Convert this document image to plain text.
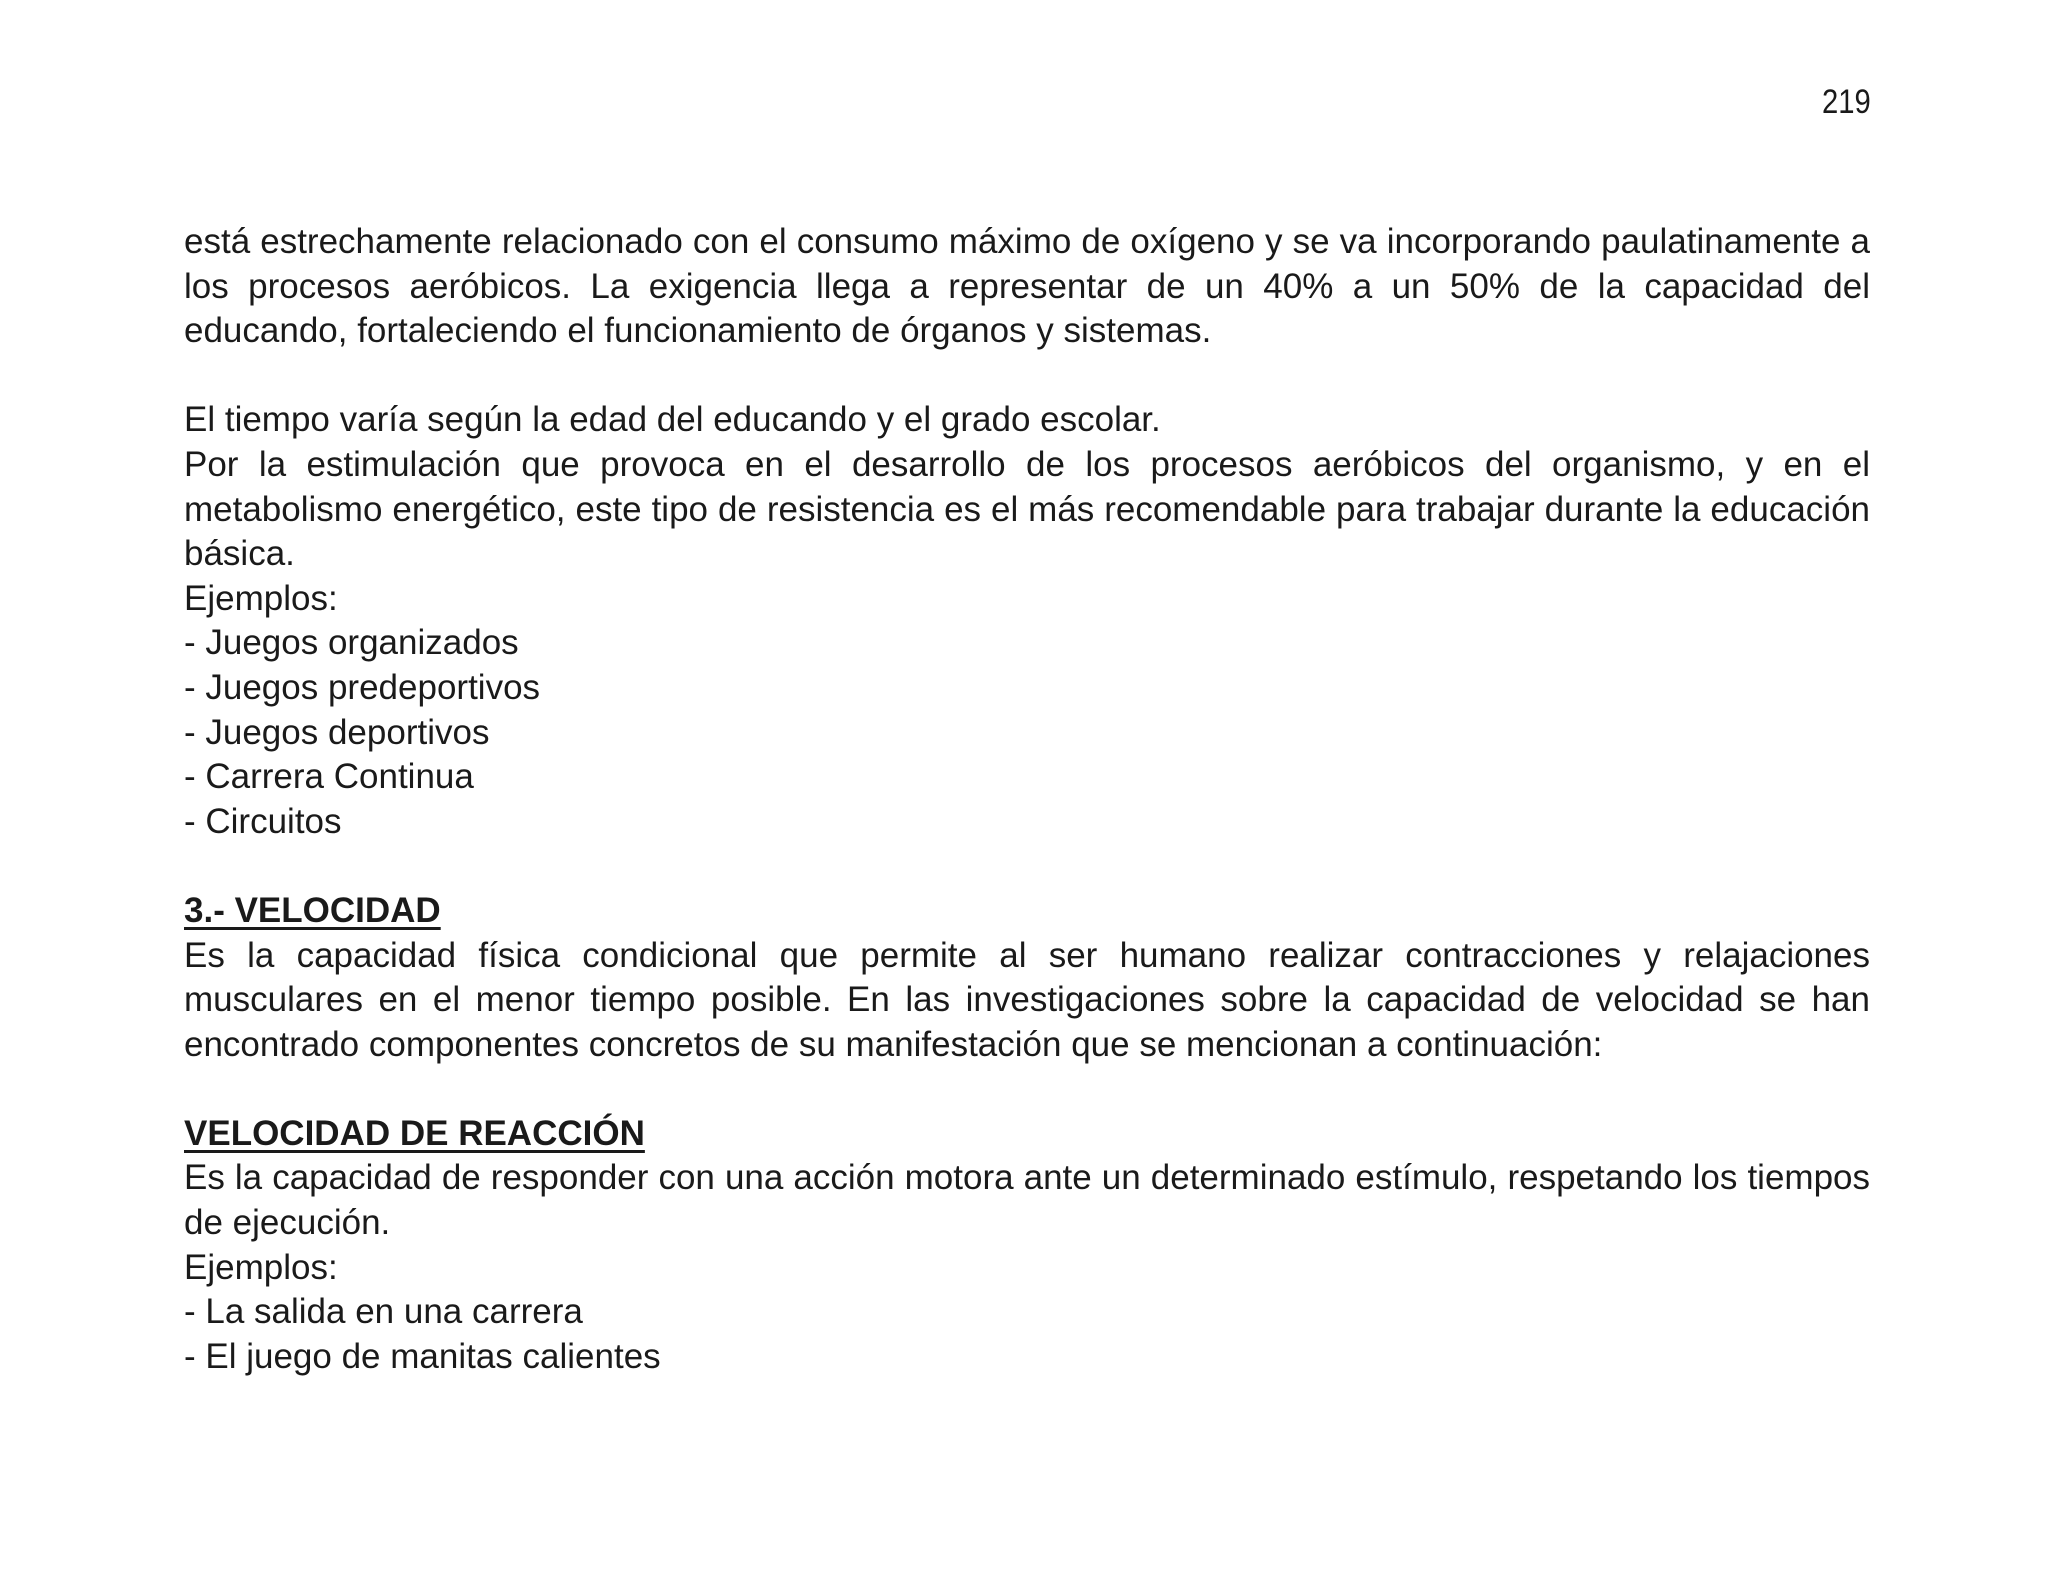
219

está estrechamente relacionado con el consumo máximo de oxígeno y se va incorporando paulatinamente a los procesos aeróbicos. La exigencia llega a representar de un 40% a un 50% de la capacidad del educando, fortaleciendo el funcionamiento de órganos y sistemas.

El tiempo varía según la edad del educando y el grado escolar.

Por la estimulación que provoca en el desarrollo de los procesos aeróbicos del organismo, y en el metabolismo energético, este tipo de resistencia es el más recomendable para trabajar durante la educación básica.

Ejemplos:

- Juegos organizados
- Juegos predeportivos
- Juegos deportivos
- Carrera Continua
- Circuitos

3.- VELOCIDAD

Es la capacidad física condicional que permite al ser humano realizar contracciones y relajaciones musculares en el menor tiempo posible. En las investigaciones sobre la capacidad de velocidad se han encontrado componentes concretos de su manifestación que se mencionan a continuación:

VELOCIDAD DE REACCIÓN

Es la capacidad de responder con una acción motora ante un determinado estímulo, respetando los tiempos de ejecución.

Ejemplos:

- La salida en una carrera
- El juego de manitas calientes
